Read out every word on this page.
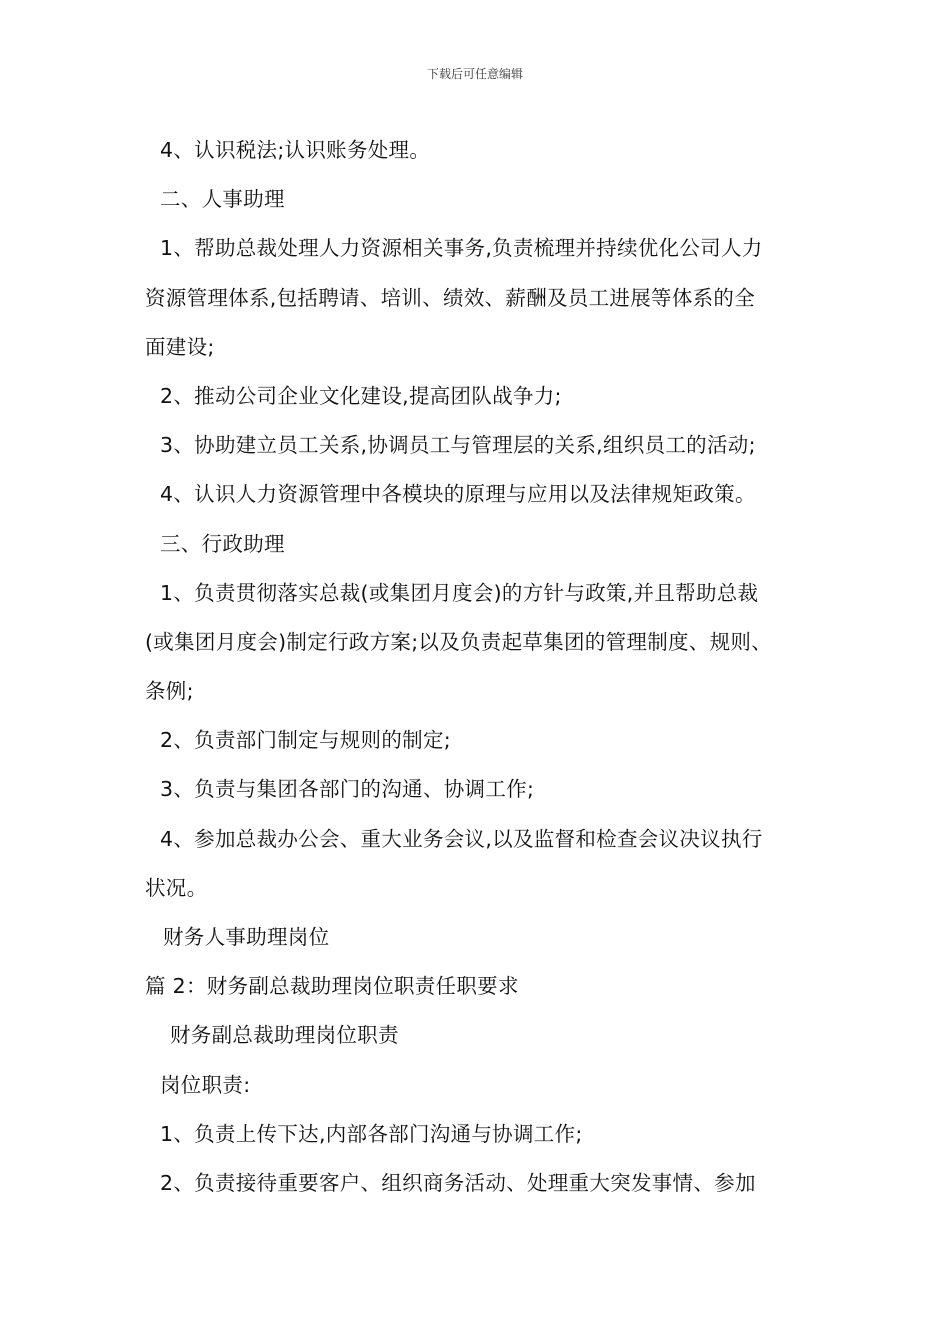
下载后可任意编辑
4、认识税法;认识账务处理。
二、人事助理
1、帮助总裁处理人力资源相关事务,负责梳理并持续优化公司人力
资源管理体系,包括聘请、培训、绩效、薪酬及员工进展等体系的全
面建设;
2、推动公司企业文化建设,提高团队战争力;
3、协助建立员工关系,协调员工与管理层的关系,组织员工的活动;
4、认识人力资源管理中各模块的原理与应用以及法律规矩政策。
三、行政助理
1、负责贯彻落实总裁(或集团月度会)的方针与政策,并且帮助总裁
(或集团月度会)制定行政方案;以及负责起草集团的管理制度、规则、
条例;
2、负责部门制定与规则的制定;
3、负责与集团各部门的沟通、协调工作;
4、参加总裁办公会、重大业务会议,以及监督和检查会议决议执行
状况。
财务人事助理岗位
篇 2：财务副总裁助理岗位职责任职要求
财务副总裁助理岗位职责
岗位职责:
1、负责上传下达,内部各部门沟通与协调工作;
2、负责接待重要客户、组织商务活动、处理重大突发事情、参加
